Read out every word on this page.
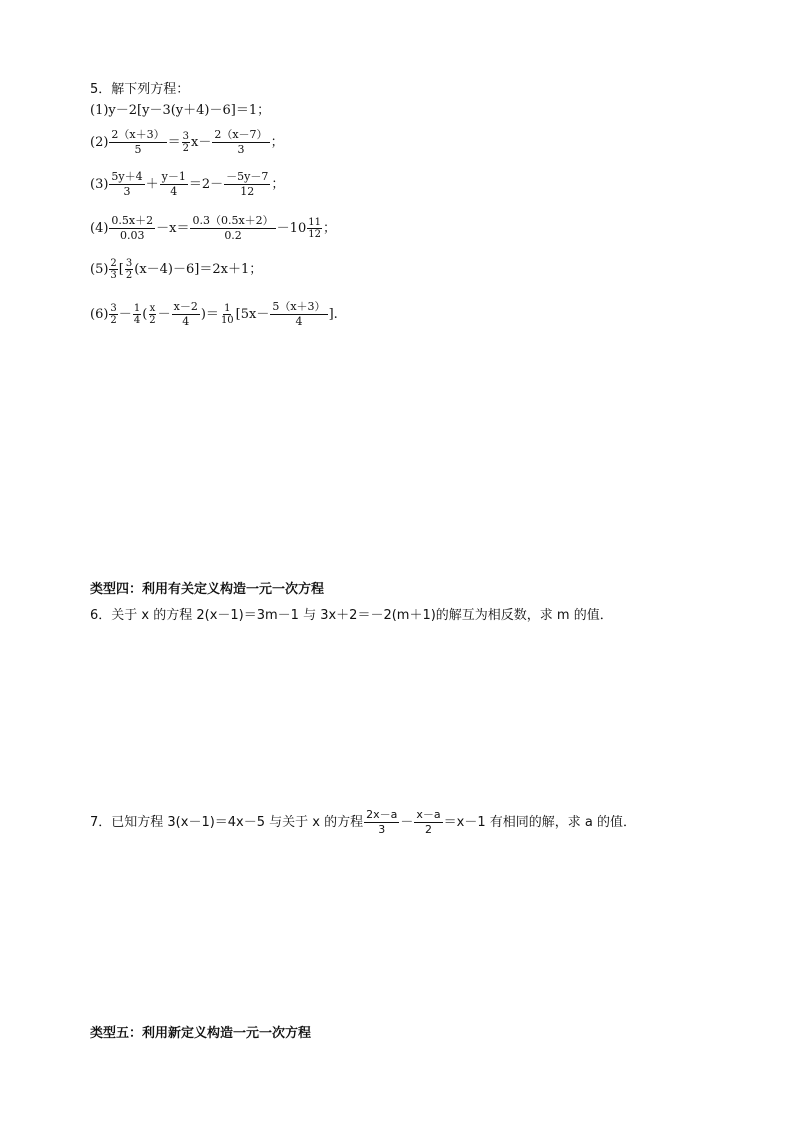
5．解下列方程：
(1)y－2[y－3(y＋4)－6]＝1；
$(2) \frac{2(x+3)}{5} = \frac{3}{2} x- \frac{2(x-7)}{3}$ ；
$(3) \frac{5y+4}{3} + \frac{y-1}{4} =2- \frac{-5y-7}{12}$ ；
$(4) \frac{0.5x+2}{0.03} -x= \frac{0.3(0.5x+2)}{0.2} -10 \frac{11}{12}$ ；
$(5) \frac{2}{3}$ [ $\frac{3}{2} (x-4)-6]=2x+1$；
$(6) \frac{3}{2} - \frac{1}{4}$ ( $\frac{x}{2} - \frac{x-2}{4}$ )＝ $\frac{1}{10} [5x- \frac{5(x+3)}{4}$ ].
类型四：利用有关定义构造一元一次方程
6．关于 x 的方程 2(x－1)＝3m－1 与 3x＋2＝－2(m＋1)的解互为相反数，求 m 的值．
7．已知方程 3(x－1)＝4x－5 与关于 x 的方程 $\frac{2x-a}{3} - \frac{x-a}{2} =x-1$ 有相同的解，求 a 的值．
类型五：利用新定义构造一元一次方程
